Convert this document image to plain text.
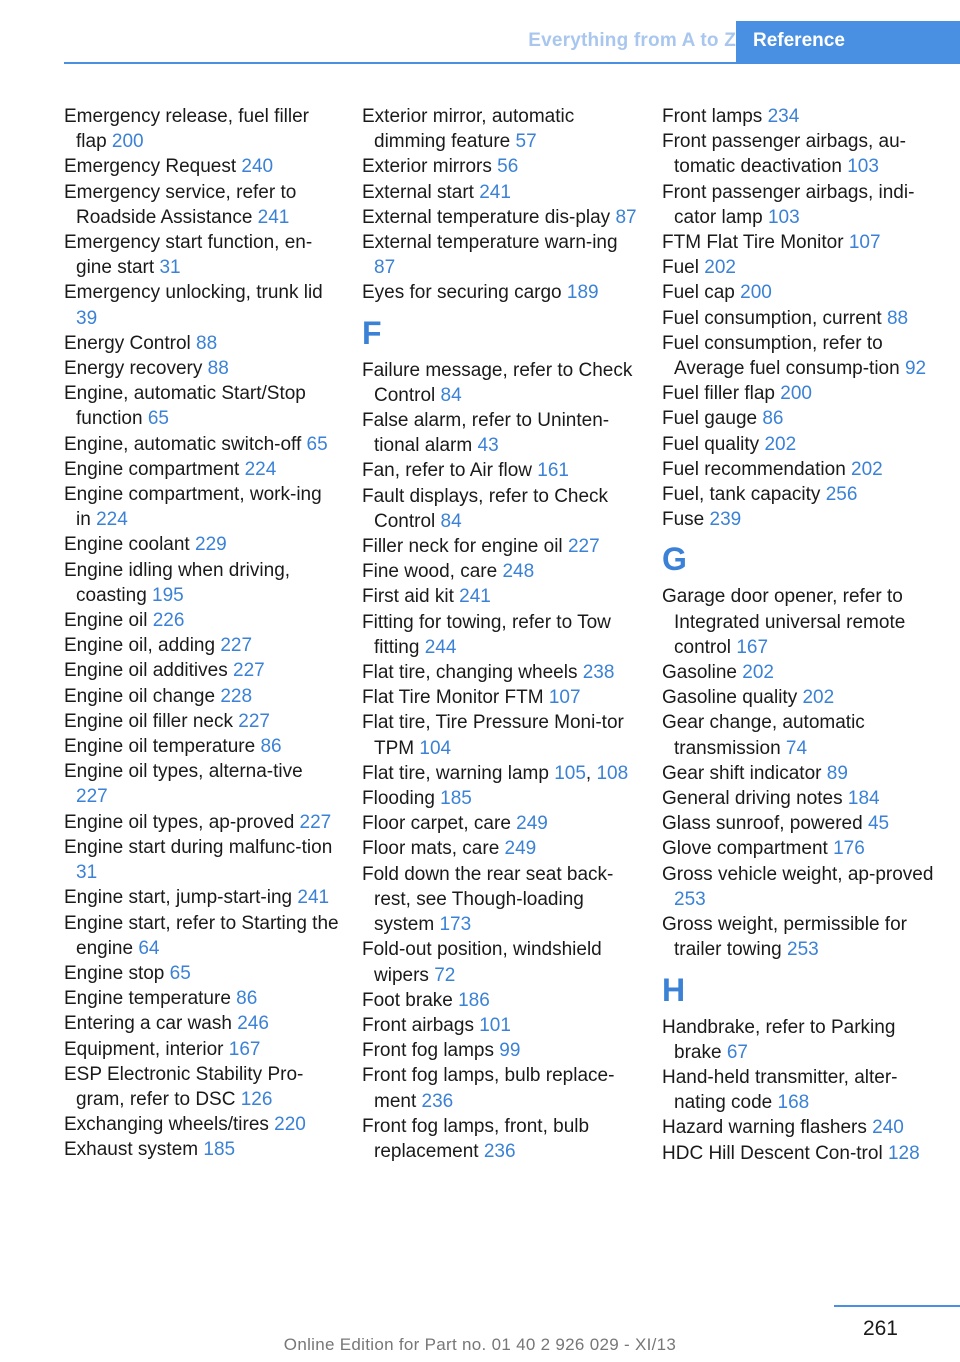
Everything from A to Z Reference
Emergency release, fuel filler flap 200
Emergency Request 240
Emergency service, refer to Roadside Assistance 241
Emergency start function, en-gine start 31
Emergency unlocking, trunk lid 39
Energy Control 88
Energy recovery 88
Engine, automatic Start/Stop function 65
Engine, automatic switch-off 65
Engine compartment 224
Engine compartment, work-ing in 224
Engine coolant 229
Engine idling when driving, coasting 195
Engine oil 226
Engine oil, adding 227
Engine oil additives 227
Engine oil change 228
Engine oil filler neck 227
Engine oil temperature 86
Engine oil types, alterna-tive 227
Engine oil types, ap-proved 227
Engine start during malfunc-tion 31
Engine start, jump-start-ing 241
Engine start, refer to Starting the engine 64
Engine stop 65
Engine temperature 86
Entering a car wash 246
Equipment, interior 167
ESP Electronic Stability Pro-gram, refer to DSC 126
Exchanging wheels/tires 220
Exhaust system 185
Exterior mirror, automatic dimming feature 57
Exterior mirrors 56
External start 241
External temperature dis-play 87
External temperature warn-ing 87
Eyes for securing cargo 189
F
Failure message, refer to Check Control 84
False alarm, refer to Uninten-tional alarm 43
Fan, refer to Air flow 161
Fault displays, refer to Check Control 84
Filler neck for engine oil 227
Fine wood, care 248
First aid kit 241
Fitting for towing, refer to Tow fitting 244
Flat tire, changing wheels 238
Flat Tire Monitor FTM 107
Flat tire, Tire Pressure Moni-tor TPM 104
Flat tire, warning lamp 105, 108
Flooding 185
Floor carpet, care 249
Floor mats, care 249
Fold down the rear seat back-rest, see Though-loading system 173
Fold-out position, windshield wipers 72
Foot brake 186
Front airbags 101
Front fog lamps 99
Front fog lamps, bulb replace-ment 236
Front fog lamps, front, bulb replacement 236
Front lamps 234
Front passenger airbags, au-tomatic deactivation 103
Front passenger airbags, indi-cator lamp 103
FTM Flat Tire Monitor 107
Fuel 202
Fuel cap 200
Fuel consumption, current 88
Fuel consumption, refer to Average fuel consump-tion 92
Fuel filler flap 200
Fuel gauge 86
Fuel quality 202
Fuel recommendation 202
Fuel, tank capacity 256
Fuse 239
G
Garage door opener, refer to Integrated universal remote control 167
Gasoline 202
Gasoline quality 202
Gear change, automatic transmission 74
Gear shift indicator 89
General driving notes 184
Glass sunroof, powered 45
Glove compartment 176
Gross vehicle weight, ap-proved 253
Gross weight, permissible for trailer towing 253
H
Handbrake, refer to Parking brake 67
Hand-held transmitter, alter-nating code 168
Hazard warning flashers 240
HDC Hill Descent Con-trol 128
261
Online Edition for Part no. 01 40 2 926 029 - XI/13
